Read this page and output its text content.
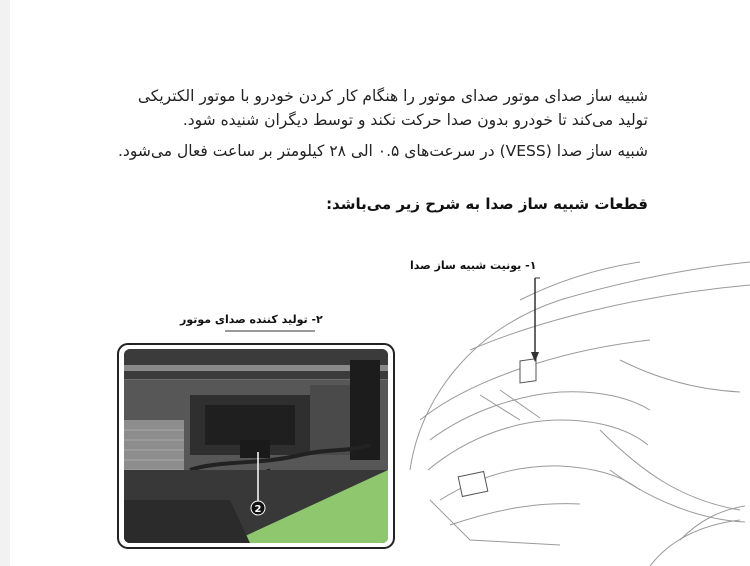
شبیه ساز صدای موتور صدای موتور را هنگام کار کردن خودرو با موتور الکتریکی تولید می‌کند تا خودرو بدون صدا حرکت نکند و توسط دیگران شنیده شود.

شبیه ساز صدا (VESS) در سرعت‌های ۰.۵ الی ۲۸ کیلومتر بر ساعت فعال می‌شود.

قطعات شبیه ساز صدا به شرح زیر می‌باشد:

2
۱- یونیت شبیه ساز صدا
۲- تولید کننده صدای موتور
